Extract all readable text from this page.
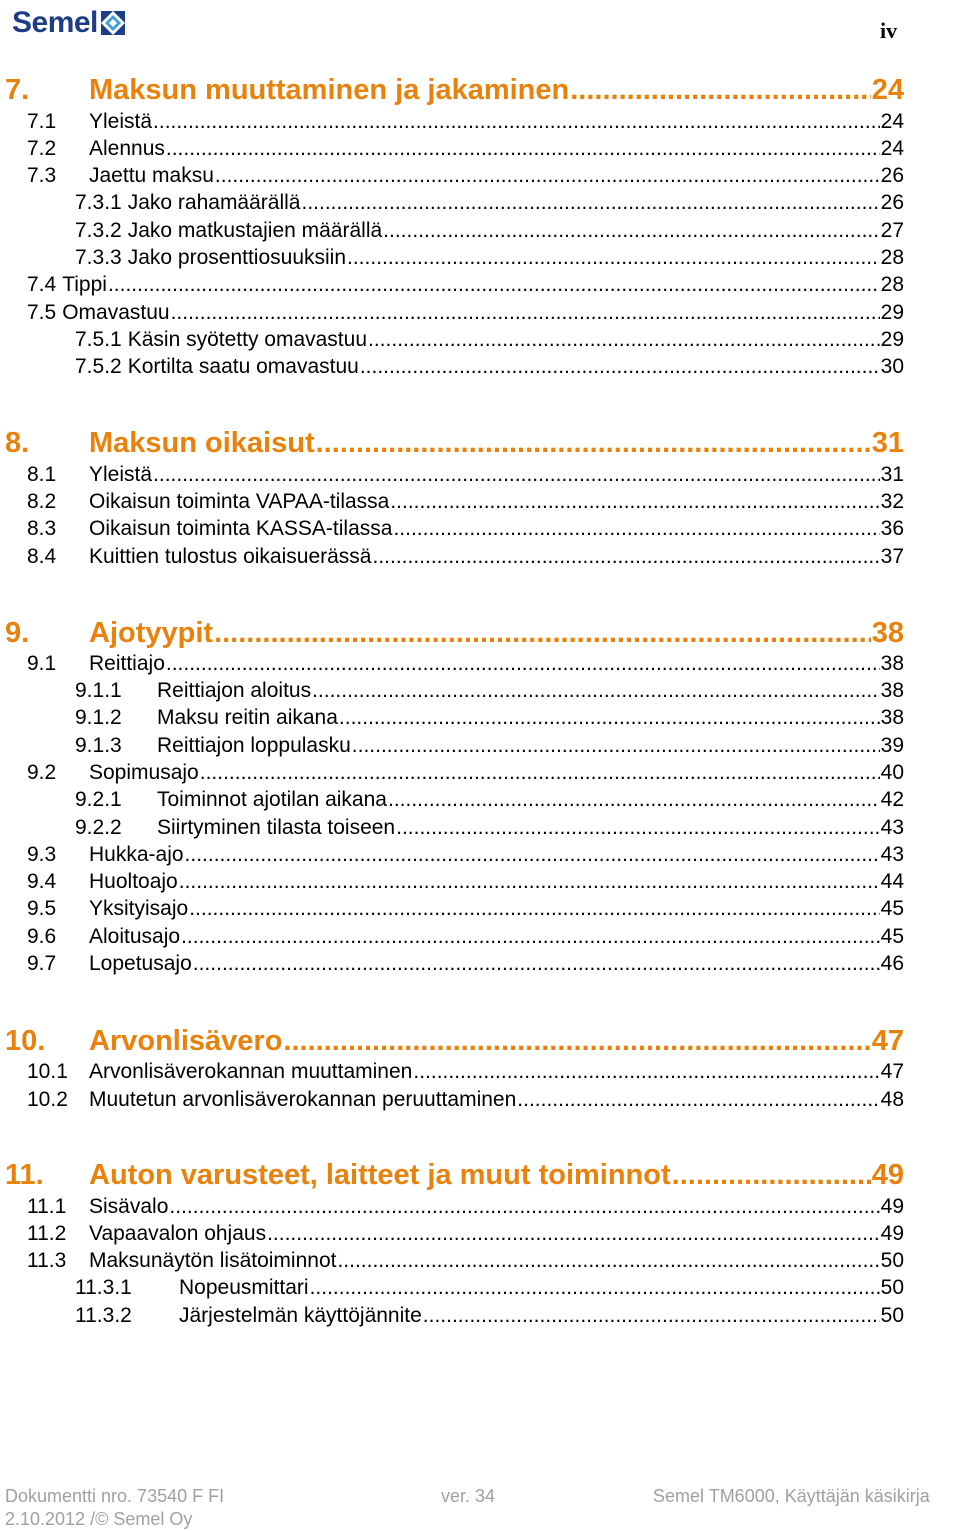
Semel	iv
7.	Maksun muuttaminen ja jakaminen .....	24
7.1	Yleistä .....	24
7.2	Alennus .....	24
7.3	Jaettu maksu .....	26
7.3.1 Jako rahamäärällä .....	26
7.3.2 Jako matkustajien määrällä .....	27
7.3.3 Jako prosenttiosuuksiin .....	28
7.4 Tippi .....	28
7.5 Omavastuu .....	29
7.5.1 Käsin syötetty omavastuu .....	29
7.5.2 Kortilta saatu omavastuu .....	30
8.	Maksun oikaisut .....	31
8.1	Yleistä .....	31
8.2	Oikaisun toiminta VAPAA-tilassa .....	32
8.3	Oikaisun toiminta KASSA-tilassa .....	36
8.4	Kuittien tulostus oikaisuerässä .....	37
9.	Ajotyypit .....	38
9.1	Reittiajo .....	38
9.1.1	Reittiajon aloitus .....	38
9.1.2	Maksu reitin aikana .....	38
9.1.3	Reittiajon loppulasku .....	39
9.2	Sopimusajo .....	40
9.2.1	Toiminnot ajotilan aikana .....	42
9.2.2	Siirtyminen tilasta toiseen .....	43
9.3	Hukka-ajo .....	43
9.4	Huoltoajo .....	44
9.5	Yksityisajo .....	45
9.6	Aloitusajo .....	45
9.7	Lopetusajo .....	46
10.	Arvonlisävero .....	47
10.1	Arvonlisäverokannan muuttaminen .....	47
10.2	Muutetun arvonlisäverokannan peruuttaminen .....	48
11.	Auton varusteet, laitteet ja muut toiminnot .....	49
11.1	Sisävalo .....	49
11.2	Vapaavalon ohjaus .....	49
11.3	Maksunäytön lisätoiminnot .....	50
11.3.1	Nopeusmittari .....	50
11.3.2	Järjestelmän käyttöjännite .....	50
Dokumentti nro. 73540 F FI	ver. 34	Semel TM6000, Käyttäjän käsikirja
2.10.2012 /© Semel Oy
